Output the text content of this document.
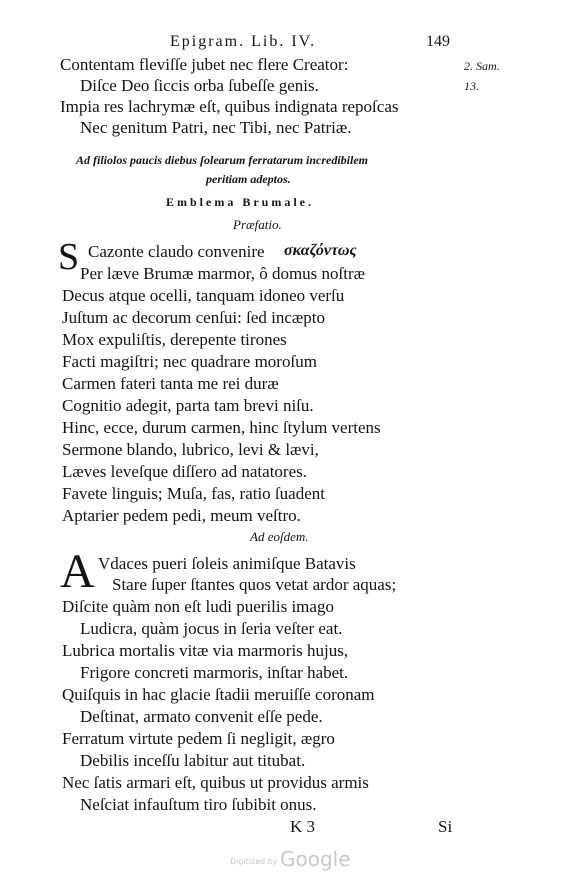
Epigram. Lib. IV.	149
Contentam fleviſſe jubet nec flere Creator:
Diſce Deo ſiccis orba ſubeſſe genis.
Impia res lachrymæ eſt, quibus indignata repoſcas
Nec genitum Patri, nec Tibi, nec Patriæ.
2. Sam.
13.
Ad filiolos paucis diebus ſolearum ferratarum incredibilem
peritiam adeptos.
Emblema Brumale.
Præfatio.
S Cazonte claudo convenire σκαζόντως
Per læve Brumæ marmor, ô domus noſtræ
Decus atque ocelli, tanquam idoneo verſu
Juſtum ac decorum cenſui: ſed incæpto
Mox expuliſtis, derepente tirones
Facti magiſtri; nec quadrare moroſum
Carmen fateri tanta me rei duræ
Cognitio adegit, parta tam brevi niſu.
Hinc, ecce, durum carmen, hinc ſtylum vertens
Sermone blando, lubrico, levi & lævi,
Læves leveſque diſſero ad natatores.
Favete linguis; Muſa, fas, ratio ſuadent
Aptarier pedem pedi, meum veſtro.
Ad eoſdem.
A Vdaces pueri ſoleis animiſque Batavis
Stare ſuper ſtantes quos vetat ardor aquas;
Diſcite quàm non eſt ludi puerilis imago
Ludicra, quàm jocus in ſeria veſter eat.
Lubrica mortalis vitæ via marmoris hujus,
Frigore concreti marmoris, inſtar habet.
Quiſquis in hac glacie ſtadii meruiſſe coronam
Deſtinat, armato convenit eſſe pede.
Ferratum virtute pedem ſi negligit, ægro
Debilis inceſſu labitur aut titubat.
Nec ſatis armari eſt, quibus ut providus armis
Neſciat infauſtum tiro ſubibit onus.
K 3	Si
Digitized by Google
